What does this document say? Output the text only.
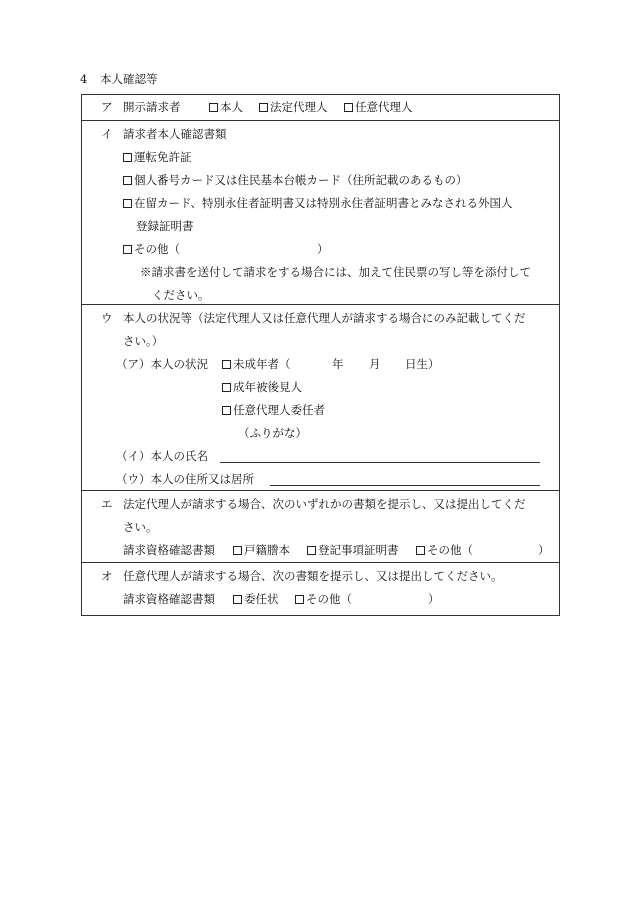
4 本人確認等
ア 開示請求者	本人	法定代理人	任意代理人
イ 請求者本人確認書類
運転免許証
個人番号カード又は住民基本台帳カード（住所記載のあるもの）
在留カード、特別永住者証明書又は特別永住者証明書とみなされる外国人
登録証明書
その他（	）
※請求書を送付して請求をする場合には、加えて住民票の写し等を添付して
ください。
ウ 本人の状況等（法定代理人又は任意代理人が請求する場合にのみ記載してくだ
さい。）
（ア）本人の状況	未成年者（	年 月 日生）
成年被後見人
任意代理人委任者
（ふりがな）
（イ）本人の氏名
（ウ）本人の住所又は居所
エ 法定代理人が請求する場合、次のいずれかの書類を提示し、又は提出してくだ
さい。
請求資格確認書類	戸籍謄本	登記事項証明書	その他（	）
オ 任意代理人が請求する場合、次の書類を提示し、又は提出してください。
請求資格確認書類	委任状	その他（	）
